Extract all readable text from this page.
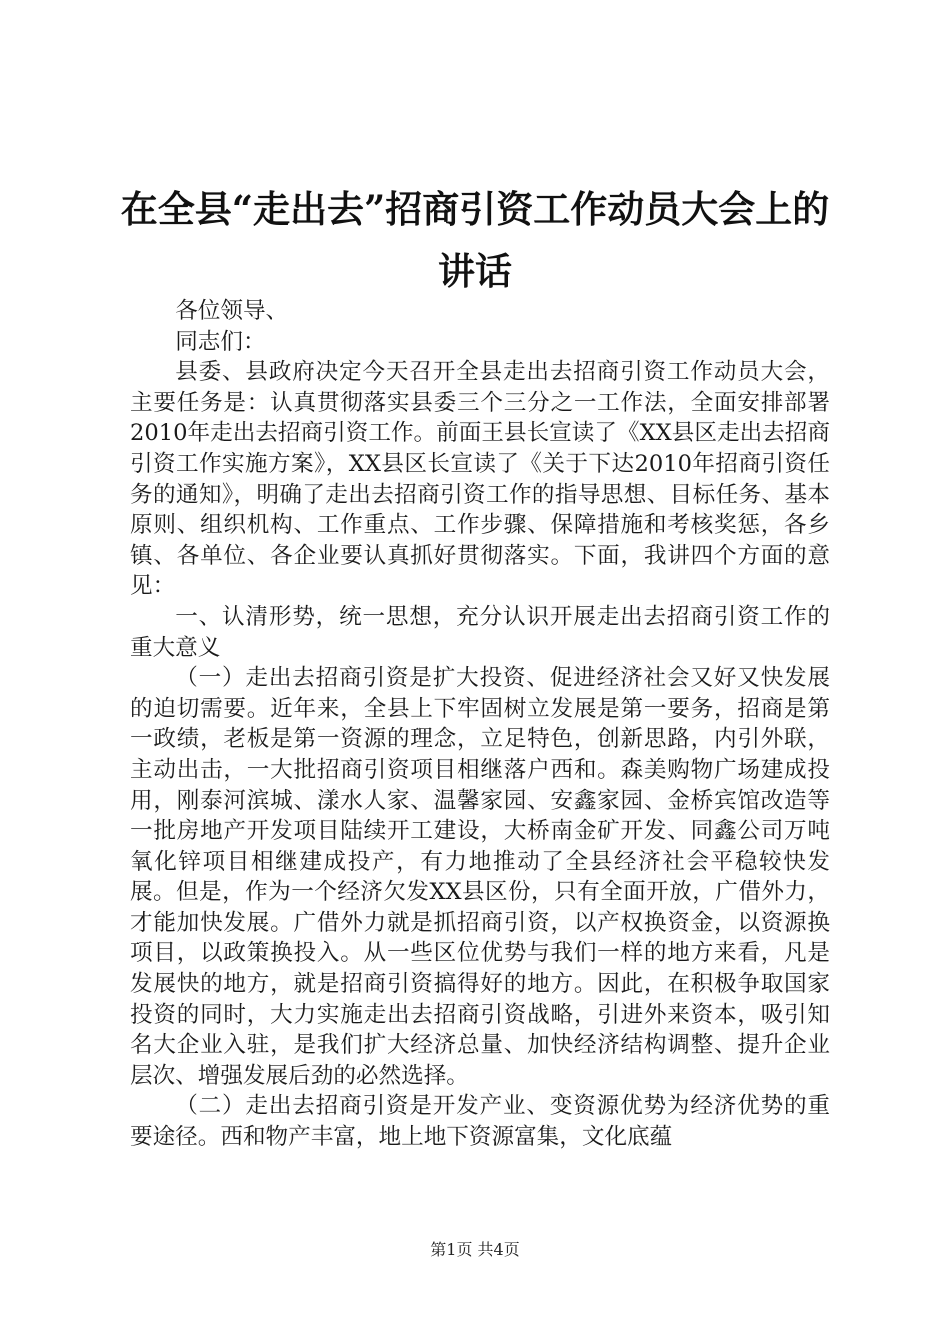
在全县“走出去”招商引资工作动员大会上的讲话

各位领导、

同志们：

县委、县政府决定今天召开全县走出去招商引资工作动员大会，主要任务是：认真贯彻落实县委三个三分之一工作法，全面安排部署2010年走出去招商引资工作。前面王县长宣读了《XX县区走出去招商引资工作实施方案》，XX县区长宣读了《关于下达2010年招商引资任务的通知》，明确了走出去招商引资工作的指导思想、目标任务、基本原则、组织机构、工作重点、工作步骤、保障措施和考核奖惩，各乡镇、各单位、各企业要认真抓好贯彻落实。下面，我讲四个方面的意见：

一、认清形势，统一思想，充分认识开展走出去招商引资工作的重大意义

（一）走出去招商引资是扩大投资、促进经济社会又好又快发展的迫切需要。近年来，全县上下牢固树立发展是第一要务，招商是第一政绩，老板是第一资源的理念，立足特色，创新思路，内引外联，主动出击，一大批招商引资项目相继落户西和。森美购物广场建成投用，刚泰河滨城、漾水人家、温馨家园、安鑫家园、金桥宾馆改造等一批房地产开发项目陆续开工建设，大桥南金矿开发、同鑫公司万吨氧化锌项目相继建成投产，有力地推动了全县经济社会平稳较快发展。但是，作为一个经济欠发XX县区份，只有全面开放，广借外力，才能加快发展。广借外力就是抓招商引资，以产权换资金，以资源换项目，以政策换投入。从一些区位优势与我们一样的地方来看，凡是发展快的地方，就是招商引资搞得好的地方。因此，在积极争取国家投资的同时，大力实施走出去招商引资战略，引进外来资本，吸引知名大企业入驻，是我们扩大经济总量、加快经济结构调整、提升企业层次、增强发展后劲的必然选择。

（二）走出去招商引资是开发产业、变资源优势为经济优势的重要途径。西和物产丰富，地上地下资源富集，文化底蕴

第1页 共4页
